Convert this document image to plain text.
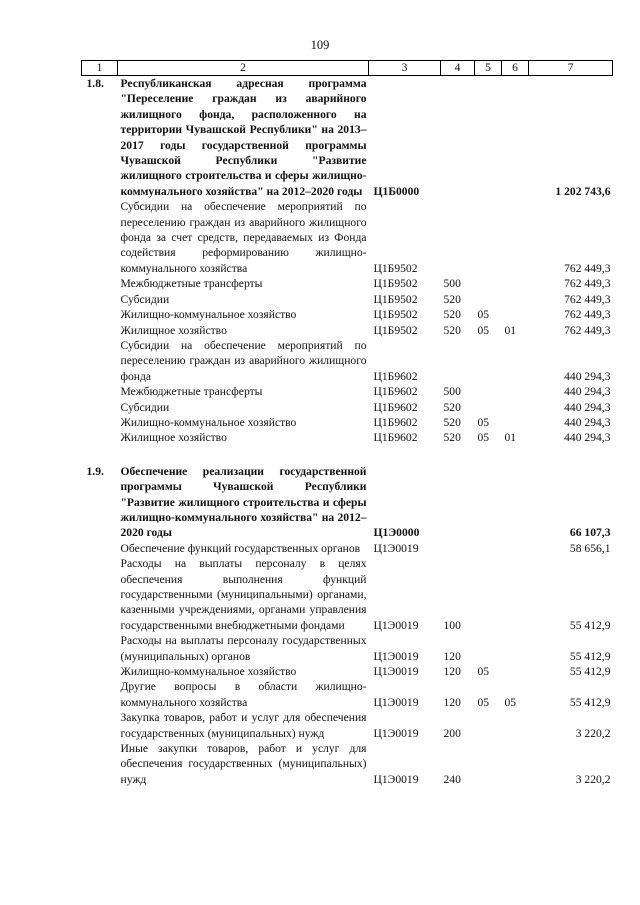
109
1	2	3	4	5	6	7
1.8.	Республиканская адресная программа "Переселение граждан из аварийного жилищного фонда, расположенного на территории Чувашской Республики" на 2013–2017 годы государственной программы Чувашской Республики "Развитие жилищного строительства и сферы жилищно-коммунального хозяйства" на 2012–2020 годы	Ц1Б0000				1 202 743,6
	Субсидии на обеспечение мероприятий по переселению граждан из аварийного жилищного фонда за счет средств, передаваемых из Фонда содействия реформированию жилищно-коммунального хозяйства	Ц1Б9502				762 449,3
	Межбюджетные трансферты	Ц1Б9502	500			762 449,3
	Субсидии	Ц1Б9502	520			762 449,3
	Жилищно-коммунальное хозяйство	Ц1Б9502	520	05		762 449,3
	Жилищное хозяйство	Ц1Б9502	520	05	01	762 449,3
	Субсидии на обеспечение мероприятий по переселению граждан из аварийного жилищного фонда	Ц1Б9602				440 294,3
	Межбюджетные трансферты	Ц1Б9602	500			440 294,3
	Субсидии	Ц1Б9602	520			440 294,3
	Жилищно-коммунальное хозяйство	Ц1Б9602	520	05		440 294,3
	Жилищное хозяйство	Ц1Б9602	520	05	01	440 294,3

1.9.	Обеспечение реализации государственной программы Чувашской Республики "Развитие жилищного строительства и сферы жилищно-коммунального хозяйства" на 2012–2020 годы	Ц1Э0000				66 107,3
	Обеспечение функций государственных органов	Ц1Э0019				58 656,1
	Расходы на выплаты персоналу в целях обеспечения выполнения функций государственными (муниципальными) органами, казенными учреждениями, органами управления государственными внебюджетными фондами	Ц1Э0019	100			55 412,9
	Расходы на выплаты персоналу государственных (муниципальных) органов	Ц1Э0019	120			55 412,9
	Жилищно-коммунальное хозяйство	Ц1Э0019	120	05		55 412,9
	Другие вопросы в области жилищно-коммунального хозяйства	Ц1Э0019	120	05	05	55 412,9
	Закупка товаров, работ и услуг для обеспечения государственных (муниципальных) нужд	Ц1Э0019	200			3 220,2
	Иные закупки товаров, работ и услуг для обеспечения государственных (муниципальных) нужд	Ц1Э0019	240			3 220,2
